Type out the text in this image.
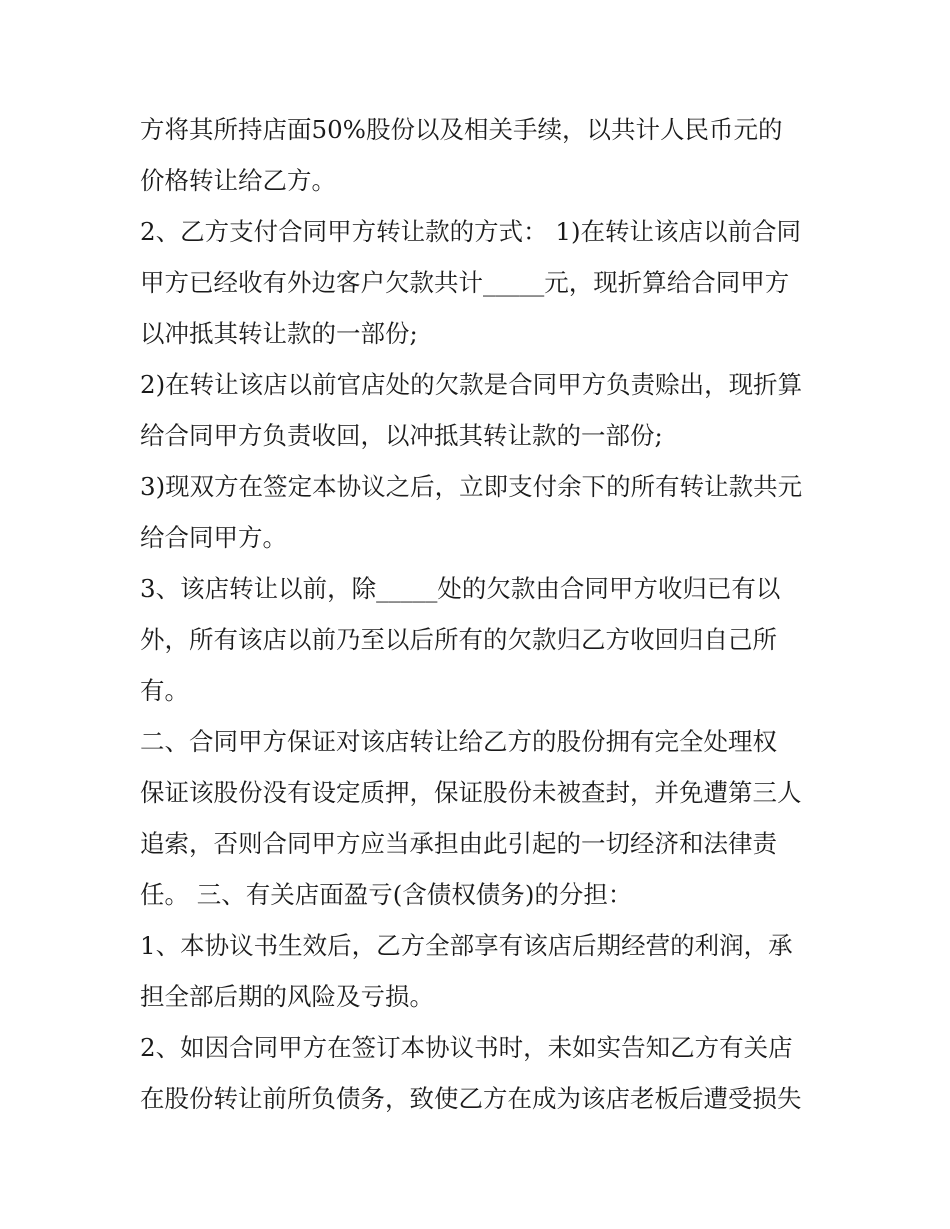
方将其所持店面50%股份以及相关手续，以共计人民币元的
价格转让给乙方。
2、乙方支付合同甲方转让款的方式： 1)在转让该店以前合同
甲方已经收有外边客户欠款共计_____元，现折算给合同甲方
以冲抵其转让款的一部份;
2)在转让该店以前官店处的欠款是合同甲方负责赊出，现折算
给合同甲方负责收回，以冲抵其转让款的一部份;
3)现双方在签定本协议之后，立即支付余下的所有转让款共元
给合同甲方。
3、该店转让以前，除_____处的欠款由合同甲方收归已有以
外，所有该店以前乃至以后所有的欠款归乙方收回归自己所
有。
二、合同甲方保证对该店转让给乙方的股份拥有完全处理权
保证该股份没有设定质押，保证股份未被查封，并免遭第三人
追索，否则合同甲方应当承担由此引起的一切经济和法律责
任。 三、有关店面盈亏(含债权债务)的分担：
1、本协议书生效后，乙方全部享有该店后期经营的利润，承
担全部后期的风险及亏损。
2、如因合同甲方在签订本协议书时，未如实告知乙方有关店
在股份转让前所负债务，致使乙方在成为该店老板后遭受损失
